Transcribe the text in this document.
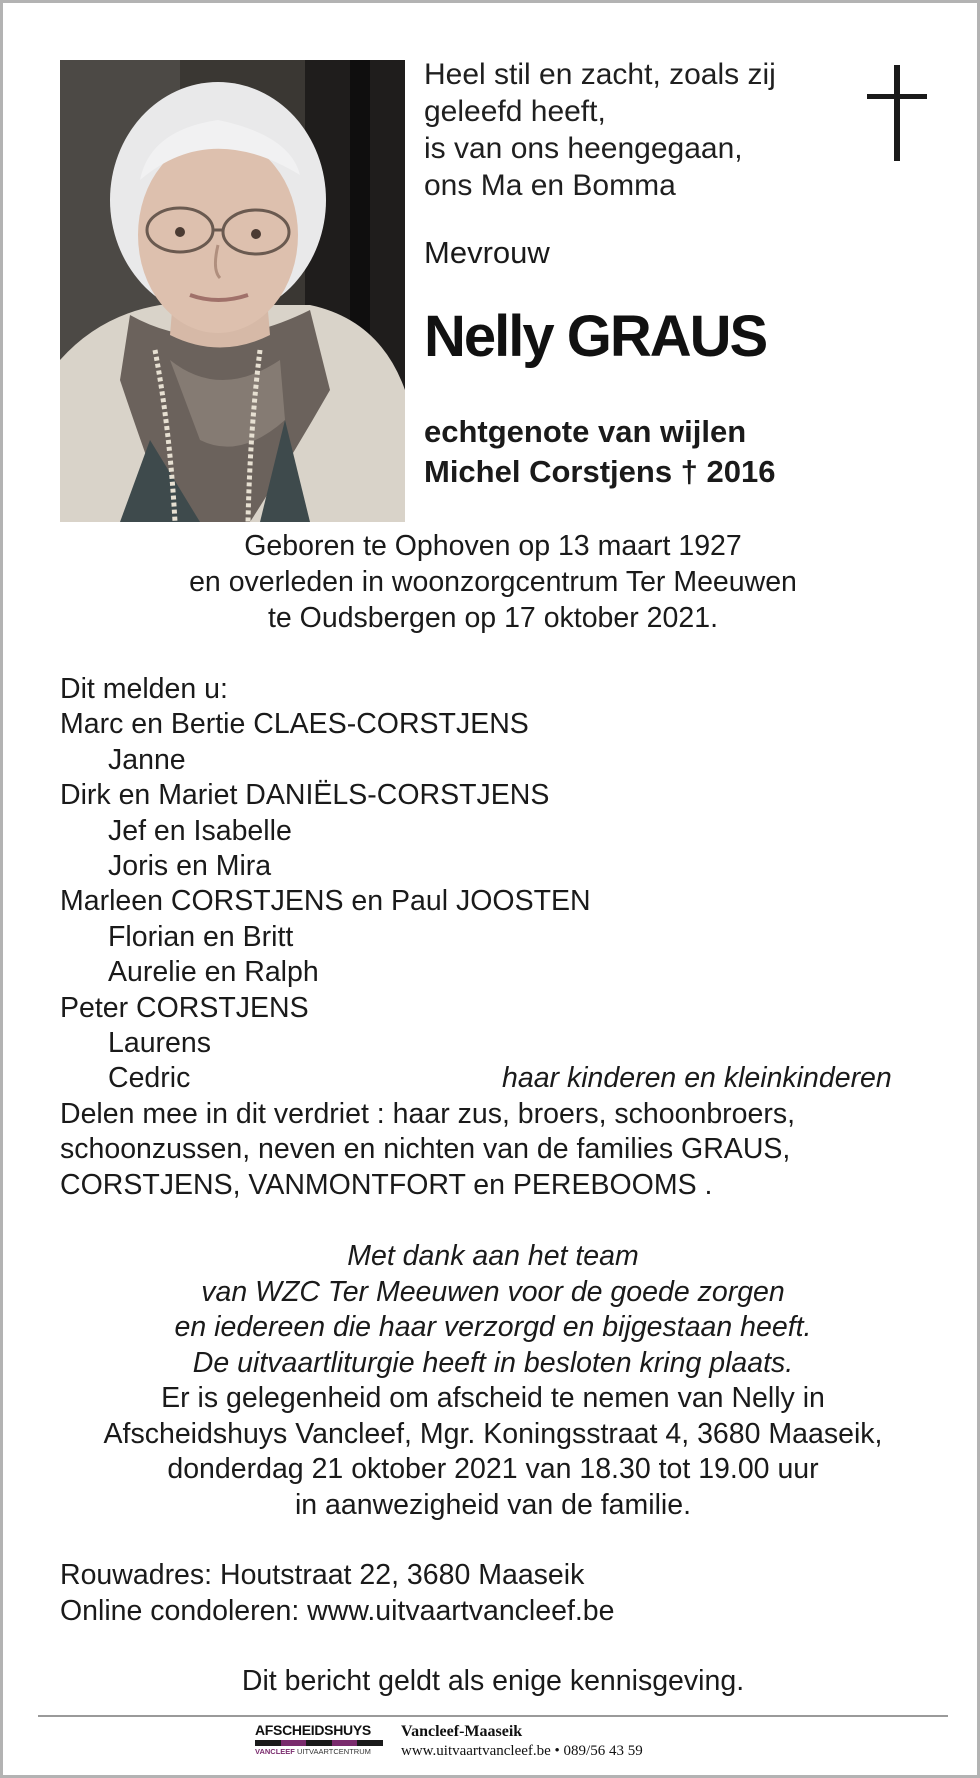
Heel stil en zacht, zoals zij
geleefd heeft,
is van ons heengegaan,
ons Ma en Bomma
Mevrouw
Nelly GRAUS
echtgenote van wijlen
Michel Corstjens † 2016
Geboren te Ophoven op 13 maart 1927
en overleden in woonzorgcentrum Ter Meeuwen
te Oudsbergen op 17 oktober 2021.
Dit melden u:
Marc en Bertie CLAES-CORSTJENS
Janne
Dirk en Mariet DANIËLS-CORSTJENS
Jef en Isabelle
Joris en Mira
Marleen CORSTJENS en Paul JOOSTEN
Florian en Britt
Aurelie en Ralph
Peter CORSTJENS
Laurens
Cedric	haar kinderen en kleinkinderen
Delen mee in dit verdriet : haar zus, broers, schoonbroers,
schoonzussen, neven en nichten van de families GRAUS,
CORSTJENS, VANMONTFORT en PEREBOOMS .
Met dank aan het team
van WZC Ter Meeuwen voor de goede zorgen
en iedereen die haar verzorgd en bijgestaan heeft.
De uitvaartliturgie heeft in besloten kring plaats.
Er is gelegenheid om afscheid te nemen van Nelly in
Afscheidshuys Vancleef, Mgr. Koningsstraat 4, 3680 Maaseik,
donderdag 21 oktober 2021 van 18.30 tot 19.00 uur
in aanwezigheid van de familie.
Rouwadres: Houtstraat 22, 3680 Maaseik
Online condoleren: www.uitvaartvancleef.be
Dit bericht geldt als enige kennisgeving.
AFSCHEIDSHUYS
VANCLEEF UITVAARTCENTRUM
Vancleef-Maaseik
www.uitvaartvancleef.be • 089/56 43 59
